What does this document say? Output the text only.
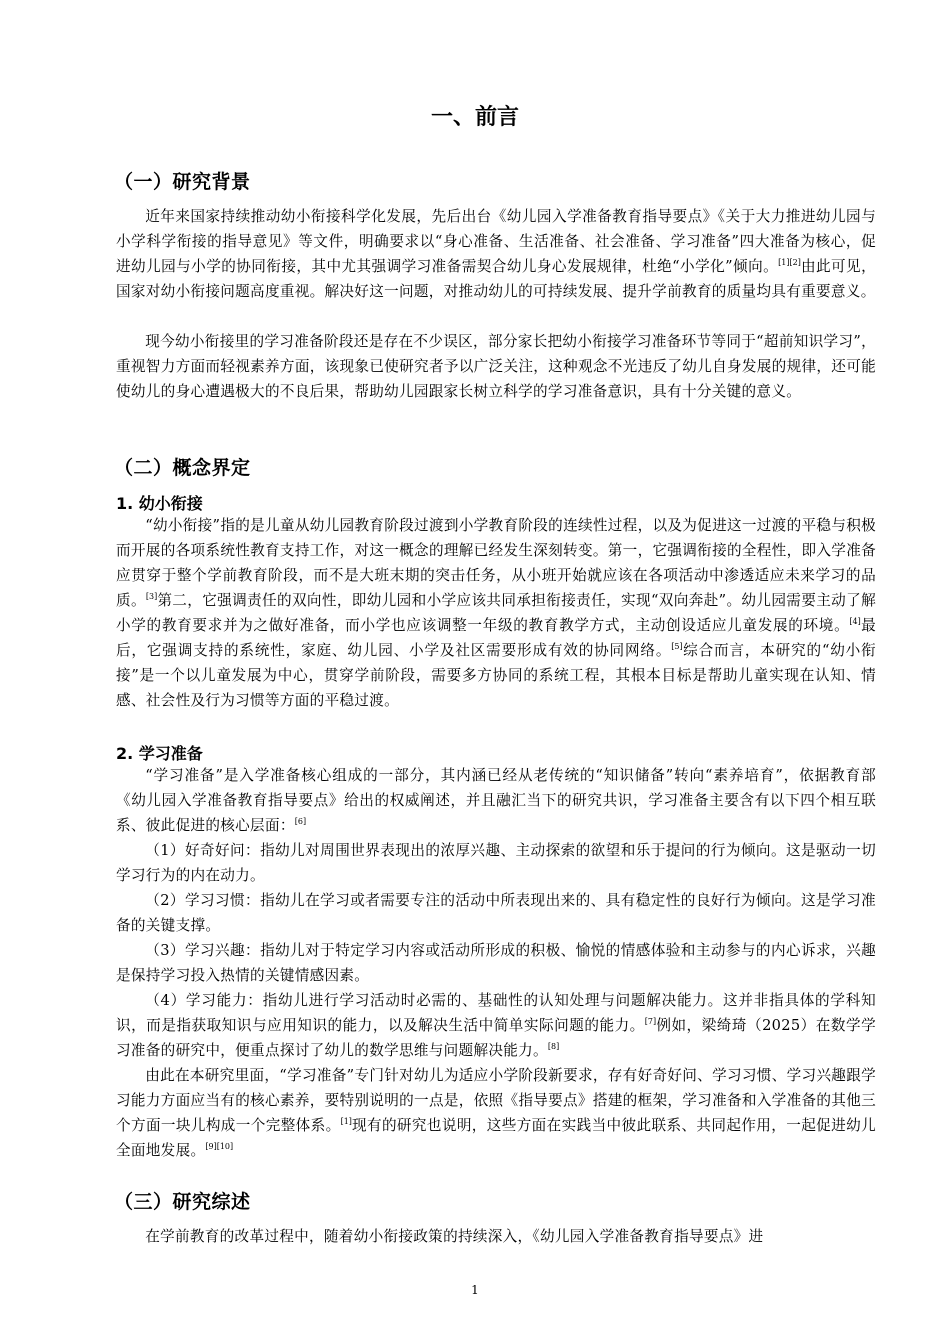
一、前言
（一）研究背景

近年来国家持续推动幼小衔接科学化发展，先后出台《幼儿园入学准备教育指导要点》《关于大力推进幼儿园与小学科学衔接的指导意见》等文件，明确要求以“身心准备、生活准备、社会准备、学习准备”四大准备为核心，促进幼儿园与小学的协同衔接，其中尤其强调学习准备需契合幼儿身心发展规律，杜绝“小学化”倾向。[1][2]由此可见，国家对幼小衔接问题高度重视。解决好这一问题，对推动幼儿的可持续发展、提升学前教育的质量均具有重要意义。

现今幼小衔接里的学习准备阶段还是存在不少误区，部分家长把幼小衔接学习准备环节等同于“超前知识学习”，重视智力方面而轻视素养方面，该现象已使研究者予以广泛关注，这种观念不光违反了幼儿自身发展的规律，还可能使幼儿的身心遭遇极大的不良后果，帮助幼儿园跟家长树立科学的学习准备意识，具有十分关键的意义。

（二）概念界定
1. 幼小衔接

“幼小衔接”指的是儿童从幼儿园教育阶段过渡到小学教育阶段的连续性过程，以及为促进这一过渡的平稳与积极而开展的各项系统性教育支持工作，对这一概念的理解已经发生深刻转变。第一，它强调衔接的全程性，即入学准备应贯穿于整个学前教育阶段，而不是大班末期的突击任务，从小班开始就应该在各项活动中渗透适应未来学习的品质。[3]第二，它强调责任的双向性，即幼儿园和小学应该共同承担衔接责任，实现“双向奔赴”。幼儿园需要主动了解小学的教育要求并为之做好准备，而小学也应该调整一年级的教育教学方式，主动创设适应儿童发展的环境。[4]最后，它强调支持的系统性，家庭、幼儿园、小学及社区需要形成有效的协同网络。[5]综合而言，本研究的“幼小衔接”是一个以儿童发展为中心，贯穿学前阶段，需要多方协同的系统工程，其根本目标是帮助儿童实现在认知、情感、社会性及行为习惯等方面的平稳过渡。

2. 学习准备

“学习准备”是入学准备核心组成的一部分，其内涵已经从老传统的“知识储备”转向“素养培育”，依据教育部《幼儿园入学准备教育指导要点》给出的权威阐述，并且融汇当下的研究共识，学习准备主要含有以下四个相互联系、彼此促进的核心层面：[6]

（1）好奇好问：指幼儿对周围世界表现出的浓厚兴趣、主动探索的欲望和乐于提问的行为倾向。这是驱动一切学习行为的内在动力。

（2）学习习惯：指幼儿在学习或者需要专注的活动中所表现出来的、具有稳定性的良好行为倾向。这是学习准备的关键支撑。

（3）学习兴趣：指幼儿对于特定学习内容或活动所形成的积极、愉悦的情感体验和主动参与的内心诉求，兴趣是保持学习投入热情的关键情感因素。

（4）学习能力：指幼儿进行学习活动时必需的、基础性的认知处理与问题解决能力。这并非指具体的学科知识，而是指获取知识与应用知识的能力，以及解决生活中简单实际问题的能力。[7]例如，梁绮琦（2025）在数学学习准备的研究中，便重点探讨了幼儿的数学思维与问题解决能力。[8]

由此在本研究里面，“学习准备”专门针对幼儿为适应小学阶段新要求，存有好奇好问、学习习惯、学习兴趣跟学习能力方面应当有的核心素养，要特别说明的一点是，依照《指导要点》搭建的框架，学习准备和入学准备的其他三个方面一块儿构成一个完整体系。[1]现有的研究也说明，这些方面在实践当中彼此联系、共同起作用，一起促进幼儿全面地发展。[9][10]

（三）研究综述

在学前教育的改革过程中，随着幼小衔接政策的持续深入，《幼儿园入学准备教育指导要点》进

1
